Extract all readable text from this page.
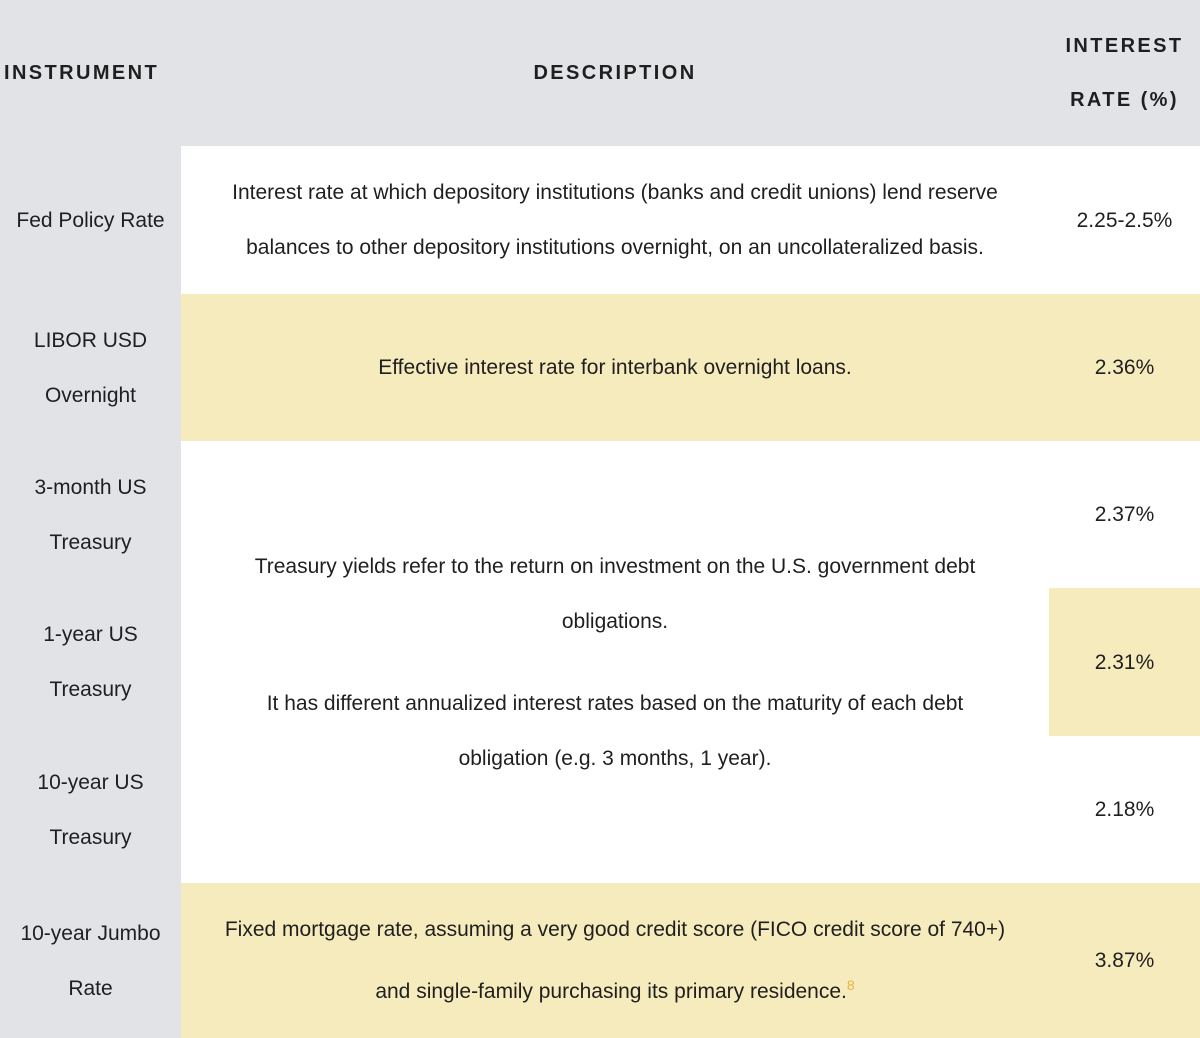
INSTRUMENT	DESCRIPTION
INTEREST
RATE (%)
Fed Policy Rate
Interest rate at which depository institutions (banks and credit unions) lend reserve
balances to other depository institutions overnight, on an uncollateralized basis.
2.25-2.5%
LIBOR USD
Overnight
Effective interest rate for interbank overnight loans.	2.36%
3-month US
Treasury
2.37%

Treasury yields refer to the return on investment on the U.S. government debt

obligations.

It has different annualized interest rates based on the maturity of each debt

obligation (e.g. 3 months, 1 year).

1-year US
Treasury
2.31%
10-year US
Treasury
2.18%
10-year Jumbo
Rate
Fixed mortgage rate, assuming a very good credit score (FICO credit score of 740+)
and single-family purchasing its primary residence.$^8$
3.87%
